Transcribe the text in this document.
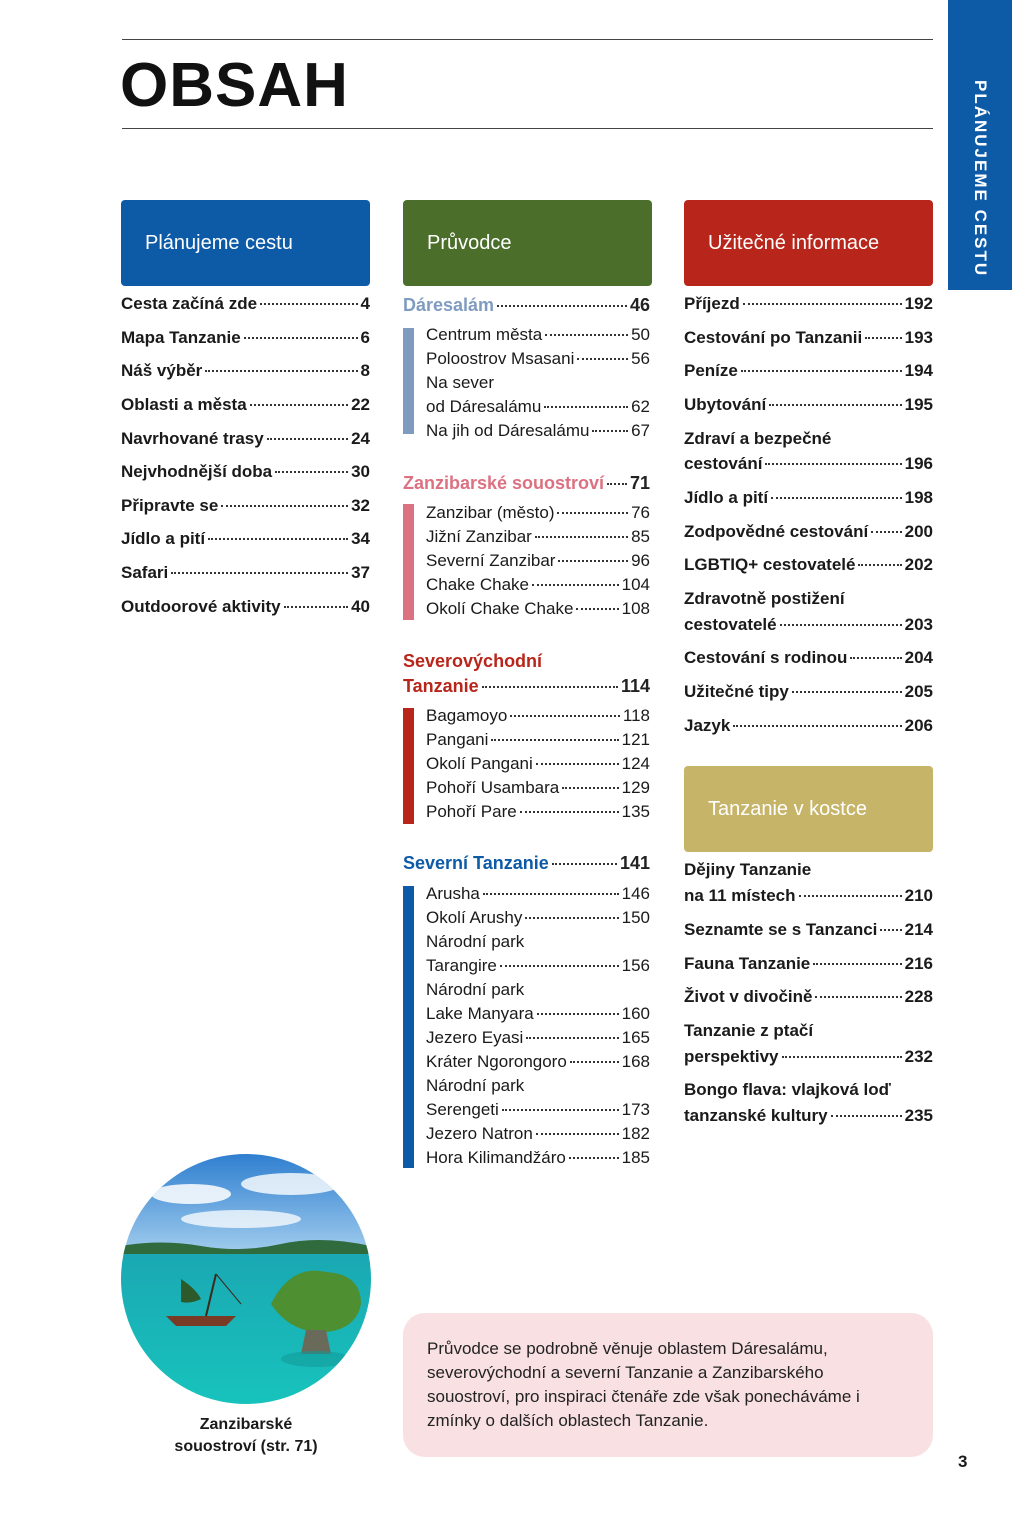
OBSAH	PLÁNUJEME CESTU
Plánujeme cestu	Průvodce	Užitečné informace
Tanzanie v kostce
Cesta začíná zde	4
Mapa Tanzanie	6
Náš výběr	8
Oblasti a města	22
Navrhované trasy	24
Nejvhodnější doba	30
Připravte se	32
Jídlo a pití	34
Safari	37
Outdoorové aktivity	40
Dáresalám	46
Centrum města	50
Poloostrov Msasani	56
Na sever
od Dáresalámu	62
Na jih od Dáresalámu 67
Zanzibarské souostroví 71
Zanzibar (město)	76
Jižní Zanzibar	85
Severní Zanzibar	96
Chake Chake	104
Okolí Chake Chake	108
Severovýchodní
Tanzanie	114
Bagamoyo	118
Pangani	121
Okolí Pangani	124
Pohoří Usambara	129
Pohoří Pare	135
Severní Tanzanie	141
Arusha	146
Okolí Arushy	150
Národní park
Tarangire	156
Národní park
Lake Manyara	160
Jezero Eyasi	165
Kráter Ngorongoro	168
Národní park
Serengeti	173
Jezero Natron	182
Hora Kilimandžáro	185
Příjezd	192
Cestování po Tanzanii 193
Peníze	194
Ubytování	195
Zdraví a bezpečné
cestování	196
Jídlo a pití	198
Zodpovědné cestování 200
LGBTIQ+ cestovatelé	202
Zdravotně postižení
cestovatelé	203
Cestování s rodinou	204
Užitečné tipy	205
Jazyk	206
Dějiny Tanzanie
na 11 místech	210
Seznamte se s Tanzanci 214
Fauna Tanzanie	216
Život v divočině	228
Tanzanie z ptačí
perspektivy	232
Bongo flava: vlajková loď
tanzanské kultury	235
Zanzibarské
souostroví (str. 71)
Průvodce se podrobně věnuje oblastem Dáresalámu, severovýchodní a severní Tanzanie a Zanzibarského souostroví, pro inspiraci čtenáře zde však ponecháváme i zmínky o dalších oblastech Tanzanie.
3
